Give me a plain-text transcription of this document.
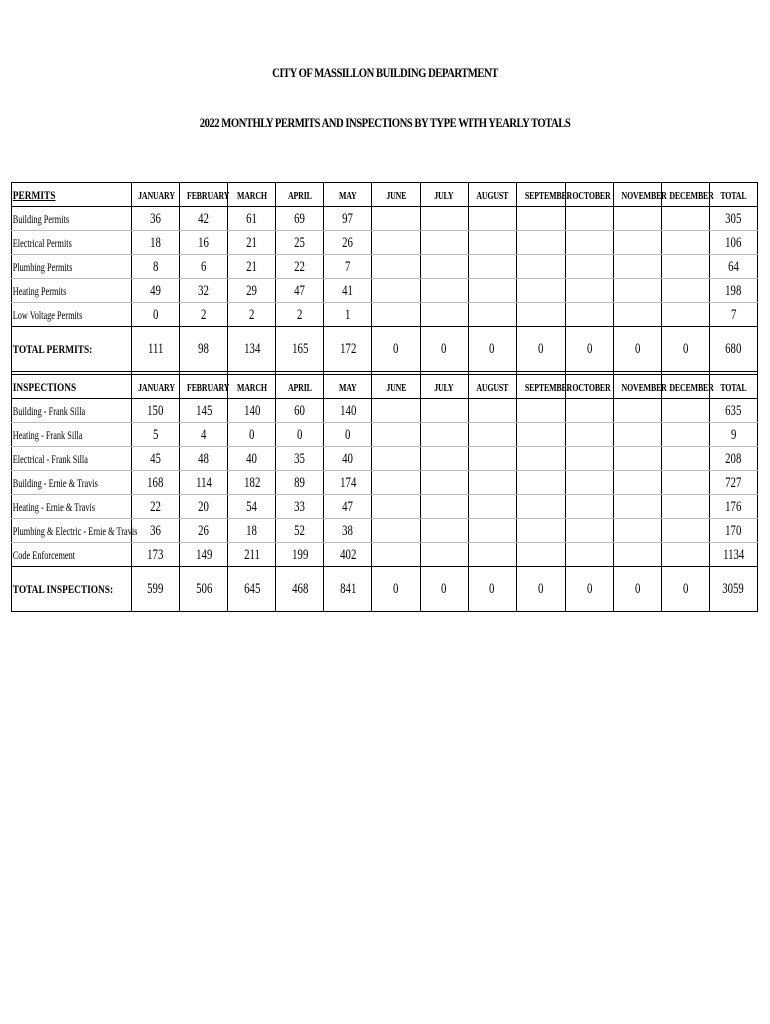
CITY OF MASSILLON BUILDING DEPARTMENT
2022 MONTHLY PERMITS AND INSPECTIONS BY TYPE WITH YEARLY TOTALS
PERMITS	JANUARY	FEBRUARY	MARCH	APRIL	MAY	JUNE	JULY	AUGUST	SEPTEMBER	OCTOBER	NOVEMBER	DECEMBER	TOTAL
Building Permits	36	42	61	69	97								305
Electrical Permits	18	16	21	25	26								106
Plumbing Permits	8	6	21	22	7								64
Heating Permits	49	32	29	47	41								198
Low Voltage Permits	0	2	2	2	1								7
TOTAL PERMITS:	111	98	134	165	172	0	0	0	0	0	0	0	680

INSPECTIONS	JANUARY	FEBRUARY	MARCH	APRIL	MAY	JUNE	JULY	AUGUST	SEPTEMBER	OCTOBER	NOVEMBER	DECEMBER	TOTAL
Building - Frank Silla	150	145	140	60	140								635
Heating - Frank Silla	5	4	0	0	0								9
Electrical - Frank Silla	45	48	40	35	40								208
Building - Ernie & Travis	168	114	182	89	174								727
Heating - Ernie & Travis	22	20	54	33	47								176
Plumbing & Electric - Ernie & Travis	36	26	18	52	38								170
Code Enforcement	173	149	211	199	402								1134
TOTAL INSPECTIONS:	599	506	645	468	841	0	0	0	0	0	0	0	3059
